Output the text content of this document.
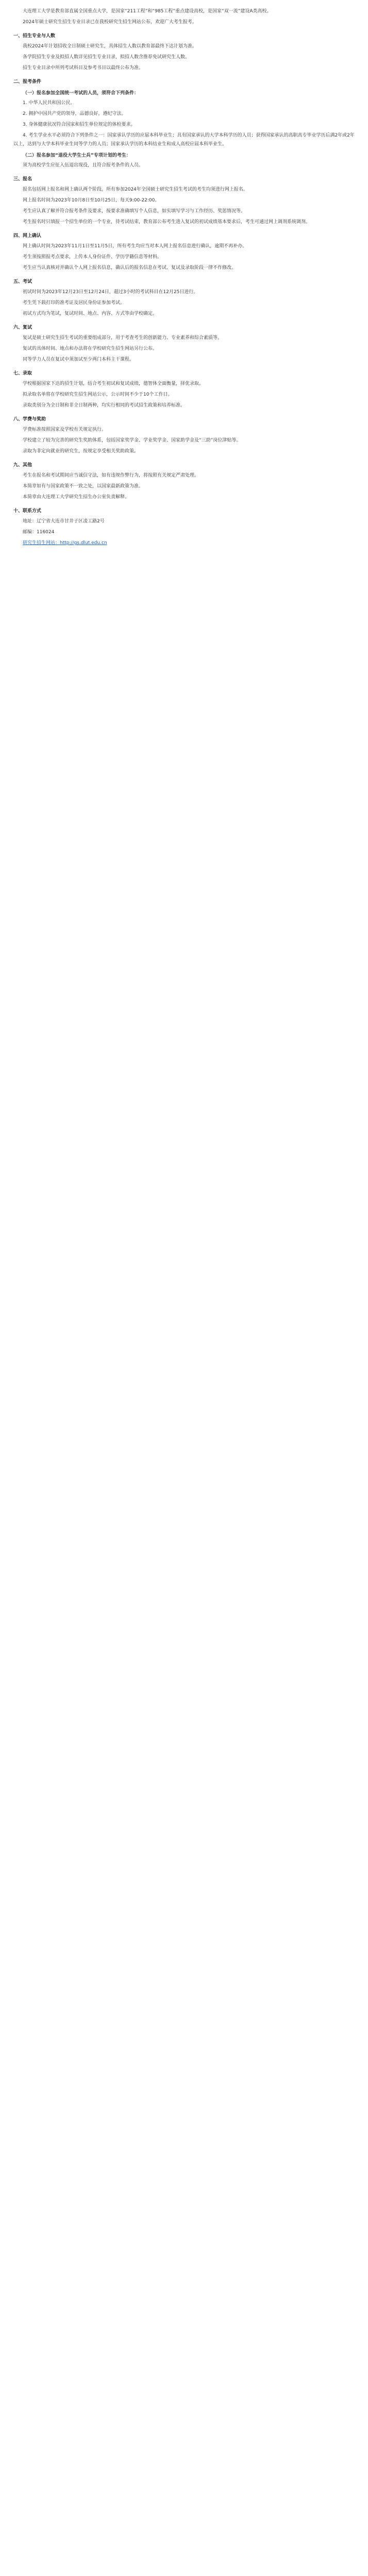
大连理工大学是教育部直属全国重点大学，是国家“211工程”和“985工程”重点建设高校，是国家“双一流”建设A类高校。

2024年硕士研究生招生专业目录已在我校研究生招生网站公布，欢迎广大考生报考。

一、招生专业与人数

我校2024年计划招收全日制硕士研究生，具体招生人数以教育部最终下达计划为准。

各学院招生专业及拟招人数详见招生专业目录，拟招人数含推荐免试研究生人数。

招生专业目录中所列考试科目及参考书目以最终公布为准。

二、报考条件
（一）报名参加全国统一考试的人员，须符合下列条件：

1. 中华人民共和国公民。

2. 拥护中国共产党的领导，品德良好，遵纪守法。

3. 身体健康状况符合国家和招生单位规定的体检要求。

4. 考生学业水平必须符合下列条件之一：国家承认学历的应届本科毕业生；具有国家承认的大学本科学历的人员；获得国家承认的高职高专毕业学历后满2年或2年以上，达到与大学本科毕业生同等学力的人员；国家承认学历的本科结业生和成人高校应届本科毕业生。

（二）报名参加“退役大学生士兵”专项计划的考生：

须为高校学生应征入伍退出现役，且符合报考条件的人员。

三、报名

报名包括网上报名和网上确认两个阶段。所有参加2024年全国硕士研究生招生考试的考生均须进行网上报名。

网上报名时间为2023年10月8日至10月25日，每天9:00-22:00。

考生应认真了解并符合报考条件及要求，按要求准确填写个人信息，如实填写学习与工作经历、奖惩情况等。

考生报名时只填报一个招生单位的一个专业，待考试结束，教育部公布考生进入复试的初试成绩基本要求后，考生可通过网上调剂系统调剂。

四、网上确认

网上确认时间为2023年11月1日至11月5日，所有考生均应当对本人网上报名信息进行确认，逾期不再补办。

考生须按照报考点要求，上传本人身份证件、学历学籍信息等材料。

考生应当认真核对并确认个人网上报名信息，确认后的报名信息在考试、复试及录取阶段一律不作修改。

五、考试

初试时间为2023年12月23日至12月24日，超过3小时的考试科目在12月25日进行。

考生凭下载打印的准考证及居民身份证参加考试。

初试方式均为笔试，复试时间、地点、内容、方式等由学校确定。

六、复试

复试是硕士研究生招生考试的重要组成部分，用于考查考生的创新能力、专业素养和综合素质等。

复试的具体时间、地点和办法将在学校研究生招生网站另行公布。

同等学力人员在复试中须加试至少两门本科主干课程。

七、录取

学校根据国家下达的招生计划，结合考生初试和复试成绩，德智体全面衡量，择优录取。

拟录取名单将在学校研究生招生网站公示，公示时间不少于10个工作日。

录取类别分为全日制和非全日制两种，均实行相同的考试招生政策和培养标准。

八、学费与奖助

学费标准按照国家及学校有关规定执行。

学校建立了较为完善的研究生奖助体系，包括国家奖学金、学业奖学金、国家助学金及“三助”岗位津贴等。

录取为非定向就业的研究生，按规定享受相关奖助政策。

九、其他

考生在报名和考试期间应当诚信守法，如有违规作弊行为，将按照有关规定严肃处理。

本简章如有与国家政策不一致之处，以国家最新政策为准。

本简章由大连理工大学研究生招生办公室负责解释。

十、联系方式

地址：辽宁省大连市甘井子区凌工路2号

邮编：116024

研究生招生网站：http://gs.dlut.edu.cn
